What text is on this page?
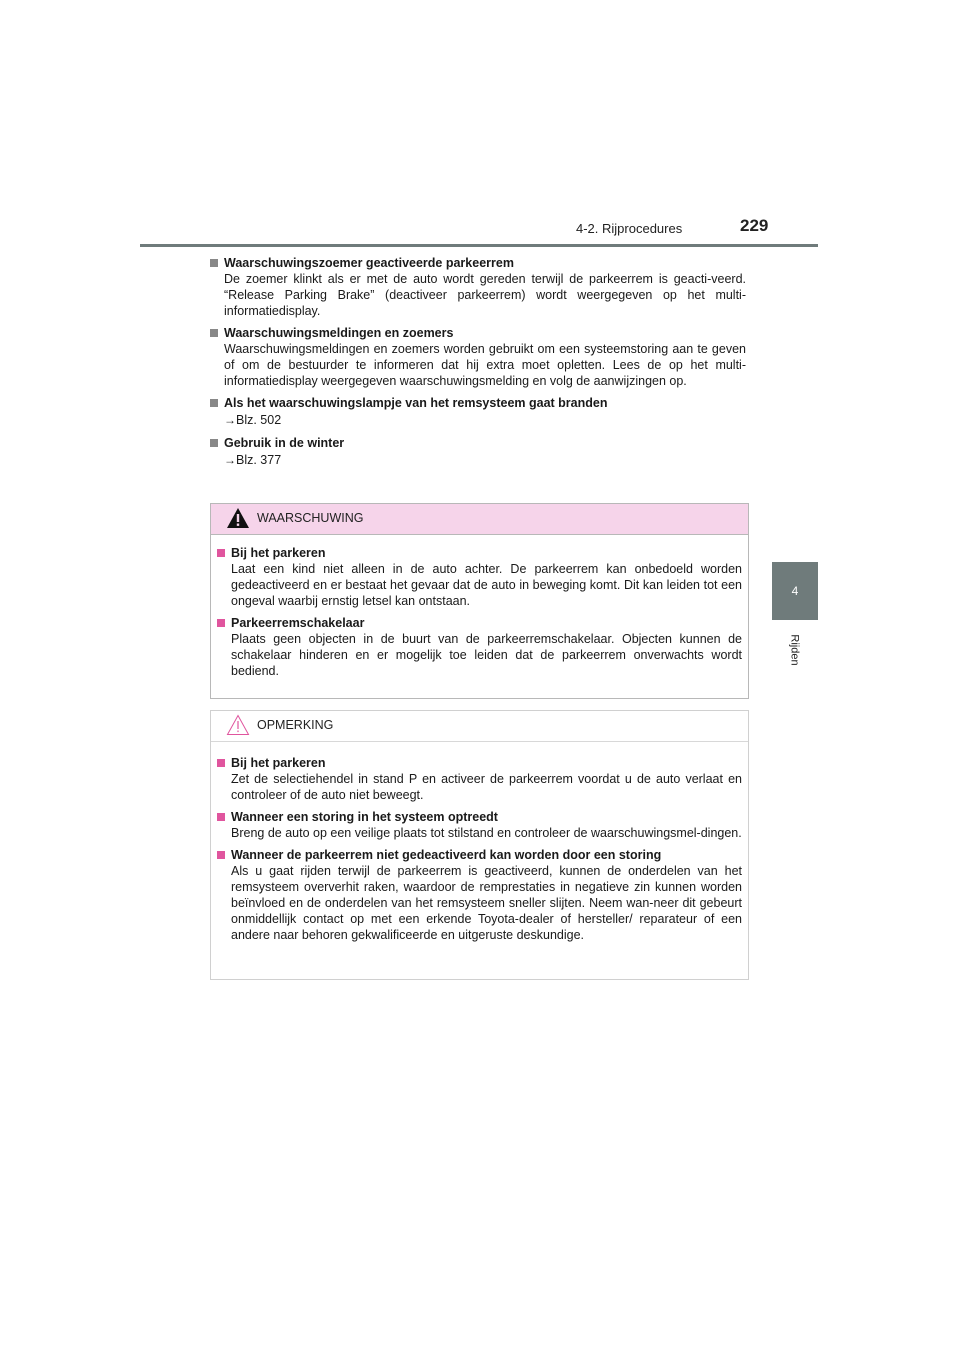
4-2. Rijprocedures	229
4
Rijden
Waarschuwingszoemer geactiveerde parkeerrem
De zoemer klinkt als er met de auto wordt gereden terwijl de parkeerrem is geacti-veerd. “Release Parking Brake” (deactiveer parkeerrem) wordt weergegeven op het multi-informatiedisplay.
Waarschuwingsmeldingen en zoemers
Waarschuwingsmeldingen en zoemers worden gebruikt om een systeemstoring aan te geven of om de bestuurder te informeren dat hij extra moet opletten. Lees de op het multi-informatiedisplay weergegeven waarschuwingsmelding en volg de aanwijzingen op.
Als het waarschuwingslampje van het remsysteem gaat branden
→Blz. 502
Gebruik in de winter
→Blz. 377
WAARSCHUWING
Bij het parkeren
Laat een kind niet alleen in de auto achter. De parkeerrem kan onbedoeld worden gedeactiveerd en er bestaat het gevaar dat de auto in beweging komt. Dit kan leiden tot een ongeval waarbij ernstig letsel kan ontstaan.
Parkeerremschakelaar
Plaats geen objecten in de buurt van de parkeerremschakelaar. Objecten kunnen de schakelaar hinderen en er mogelijk toe leiden dat de parkeerrem onverwachts wordt bediend.
OPMERKING
Bij het parkeren
Zet de selectiehendel in stand P en activeer de parkeerrem voordat u de auto verlaat en controleer of de auto niet beweegt.
Wanneer een storing in het systeem optreedt
Breng de auto op een veilige plaats tot stilstand en controleer de waarschuwingsmel-dingen.
Wanneer de parkeerrem niet gedeactiveerd kan worden door een storing
Als u gaat rijden terwijl de parkeerrem is geactiveerd, kunnen de onderdelen van het remsysteem oververhit raken, waardoor de remprestaties in negatieve zin kunnen worden beïnvloed en de onderdelen van het remsysteem sneller slijten. Neem wan-neer dit gebeurt onmiddellijk contact op met een erkende Toyota-dealer of hersteller/ reparateur of een andere naar behoren gekwalificeerde en uitgeruste deskundige.
